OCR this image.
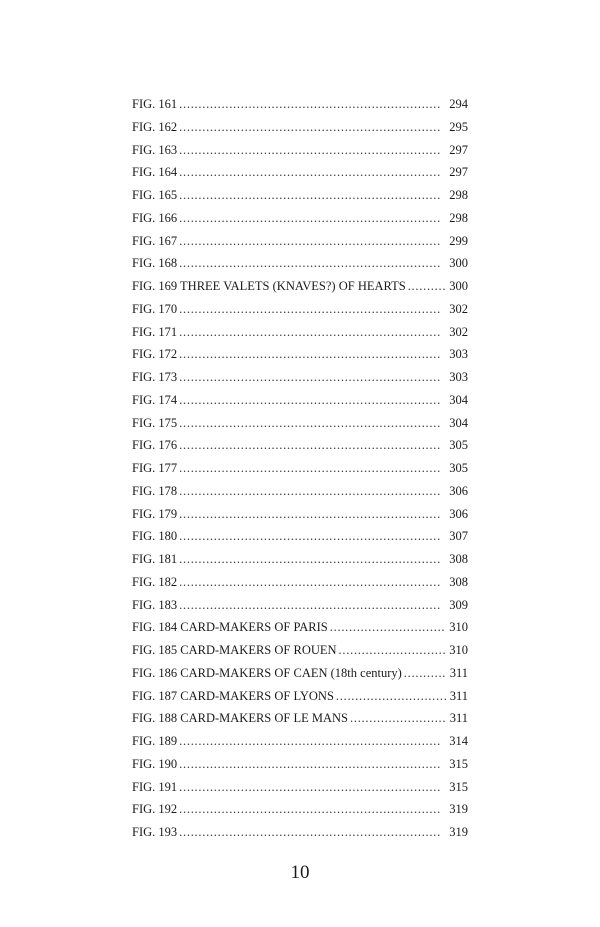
FIG. 161 . . .	294
FIG. 162 . . .	295
FIG. 163 . . .	297
FIG. 164 . . .	297
FIG. 165 . . .	298
FIG. 166 . . .	298
FIG. 167 . . .	299
FIG. 168 . . .	300
FIG. 169 THREE VALETS (KNAVES?) OF HEARTS . . .	300
FIG. 170 . . .	302
FIG. 171 . . .	302
FIG. 172 . . .	303
FIG. 173 . . .	303
FIG. 174 . . .	304
FIG. 175 . . .	304
FIG. 176 . . .	305
FIG. 177 . . .	305
FIG. 178 . . .	306
FIG. 179 . . .	306
FIG. 180 . . .	307
FIG. 181 . . .	308
FIG. 182 . . .	308
FIG. 183 . . .	309
FIG. 184 CARD-MAKERS OF PARIS . . .	310
FIG. 185 CARD-MAKERS OF ROUEN . . .	310
FIG. 186 CARD-MAKERS OF CAEN (18th century) . . .	311
FIG. 187 CARD-MAKERS OF LYONS . . .	311
FIG. 188 CARD-MAKERS OF LE MANS . . .	311
FIG. 189 . . .	314
FIG. 190 . . .	315
FIG. 191 . . .	315
FIG. 192 . . .	319
FIG. 193 . . .	319
10
